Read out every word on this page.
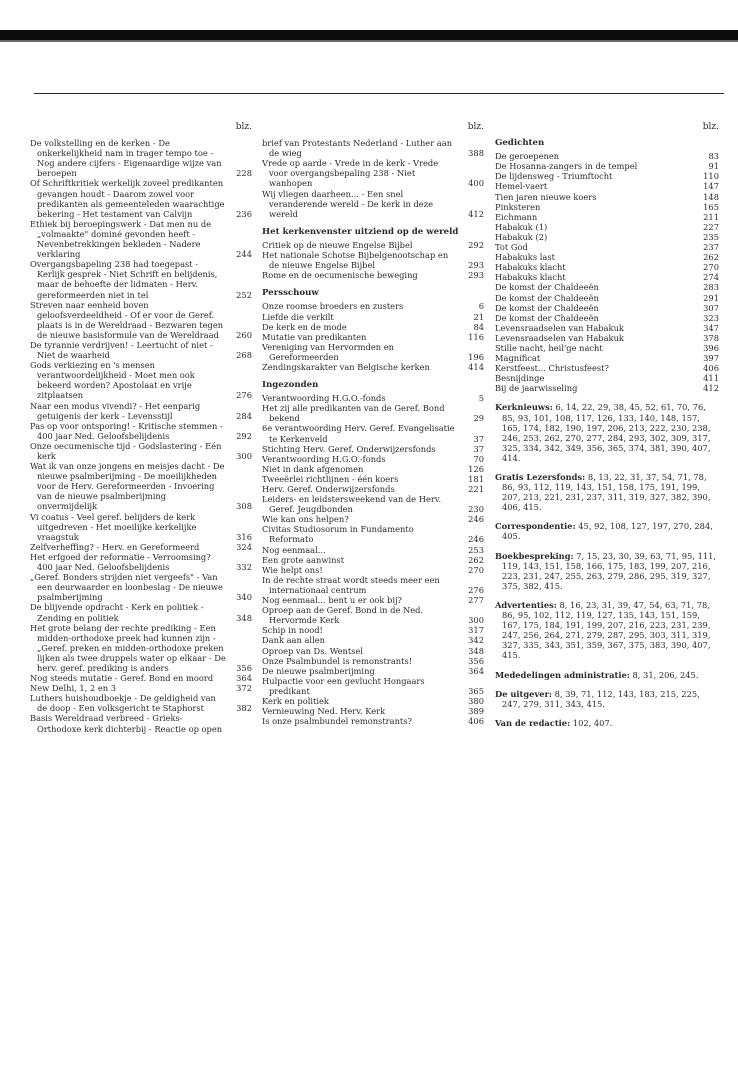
blz.
De volkstelling en de kerken - De onkerkelijkheid nam in trager tempo toe - Nog andere cijfers - Eigenaardige wijze van beroepen	228
Of Schriftkritiek werkelijk zoveel predikanten gevangen houdt - Daarom zowel voor predikanten als gemeenteleden waarachtige bekering - Het testament van Calvijn	236
Ethiek bij beroepingswerk - Dat men nu de „volmaakte" dominé gevonden heeft - Nevenbetrekkingen bekleden - Nadere verklaring	244
Overgangsbapeling 238 had toegepast - Kerlijk gesprek - Niet Schrift en belijdenis, maar de behoefte der lidmaten - Herv. gereformeerden niet in tel	252
Streven naar eenheid boven geloofsverdeeldheid - Of er voor de Geref. plaats is in de Wereldraad - Bezwaren tegen de nieuwe basisformule van de Wereldraad 260
De tyrannie verdrijven! - Leertucht of niet - Niet de waarheid	268
Gods verkiezing en 's mensen verantwoordelijkheid - Moet men ook bekeerd worden? Apostolaat en vrije zitplaatsen	276
Naar een modus vivendi? - Het eenparig getuigenis der kerk - Levensstijl	284
Pas op voor ontsporing! - Kritische stemmen - 400 jaar Ned. Geloofsbelijdenis	292
Onze oecumenische tijd - Godslastering - Eén kerk	300
Wat ik van onze jongens en meisjes dacht - De nieuwe psalmberijming - De moeilijkheden voor de Herv. Gereformeerden - Invoering van de nieuwe psalmberijming onvermijdelijk	308
Vi coatus - Veel geref. belijders de kerk uitgedreven - Het moeilijke kerkelijke vraagstuk	316
Zelfverheffing? - Herv. en Gereformeerd	324
Het erfgoed der reformatie - Verroomsing? 400 jaar Ned. Geloofsbelijdenis	332
„Geref. Bonders strijden niet vergeefs" - Van een deurwaarder en loonbeslag - De nieuwe psalmberijming	340
De blijvende opdracht - Kerk en politiek - Zending en politiek	348
Het grote belang der rechte prediking - Een midden-orthodoxe preek had kunnen zijn - „Geref. preken en midden-orthodoxe preken lijken als twee druppels water op elkaar - De herv. geref. prediking is anders	356
Nog steeds mutatie - Geref. Bond en moord	364
New Delhi, 1, 2 en 3	372
Luthers huishoudboekje - De geldigheid van de doop - Een volksgericht te Staphorst	382
Basis Wereldraad verbreed - Grieks-Orthodoxe kerk dichterbij - Reactie op open
blz.
brief van Protestants Nederland - Luther aan de wieg	388
Vrede op aarde - Vrede in de kerk - Vrede voor overgangsbepaling 238 - Niet wanhopen	400
Wij vliegen daarheen... - Een snel veranderende wereld - De kerk in deze wereld	412
Het kerkenvenster uitziend op de wereld
Critiek op de nieuwe Engelse Bijbel	292
Het nationale Schotse Bijbelgenootschap en de nieuwe Engelse Bijbel	293
Rome en de oecumenische beweging	293
Persschouw
Onze roomse broeders en zusters	6
Liefde die verkilt	21
De kerk en de mode	84
Mutatie van predikanten	116
Vereniging van Hervormden en Gereformeerden	196
Zendingskarakter van Belgische kerken	414
Ingezonden
Verantwoording H.G.O.-fonds	5
Het zij alle predikanten van de Geref. Bond bekend	29
6e verantwoording Herv. Geref. Evangelisatie te Kerkenveld	37
Stichting Herv. Geref. Onderwijzersfonds	37
Verantwoording H.G.O.-fonds	70
Niet in dank afgenomen	126
Tweeërlei richtlijnen - één koers	181
Herv. Geref. Onderwijzersfonds	221
Leiders- en leidstersweekend van de Herv. Geref. Jeugdbonden	230
Wie kan ons helpen?	246
Civitas Studiosorum in Fundamento Reformato	246
Nog eenmaal...	253
Een grote aanwinst	262
Wie helpt ons!	270
In de rechte straat wordt steeds meer een internationaal centrum	276
Nog eenmaal... bent u er ook bij?	277
Oproep aan de Geref. Bond in de Ned. Hervormde Kerk	300
Schip in nood!	317
Dank aan allen	342
Oproep van Ds. Wentsel	348
Onze Psalmbundel is remonstrants!	356
De nieuwe psalmberijming	364
Hulpactie voor een gevlucht Hongaars predikant	365
Kerk en politiek	380
Vernieuwing Ned. Herv. Kerk	389
Is onze psalmbundel remonstrants?	406
blz.
Gedichten
De geroepenen	83
De Hosanna-zangers in de tempel	91
De lijdensweg - Triumftocht	110
Hemel-vaert	147
Tien jaren nieuwe koers	148
Pinksteren	165
Eichmann	211
Habakuk (1)	227
Habakuk (2)	235
Tot God	237
Habakuks last	262
Habakuks klacht	270
Habakuks klacht	274
De komst der Chaldeeën	283
De komst der Chaldeeën	291
De komst der Chaldeeën	307
De komst der Chaldeeën	323
Levensraadselen van Habakuk	347
Levensraadselen van Habakuk	378
Stille nacht, heil'ge nacht	396
Magnificat	397
Kerstfeest... Christusfeest?	406
Besnijdinge	411
Bij de jaarwisseling	412
Kerknieuws: 6, 14, 22, 29, 38, 45, 52, 61, 70, 76, 85, 93, 101, 108, 117, 126, 133, 140, 148, 157, 165, 174, 182, 190, 197, 206, 213, 222, 230, 238, 246, 253, 262, 270, 277, 284, 293, 302, 309, 317, 325, 334, 342, 349, 356, 365, 374, 381, 390, 407, 414.
Gratis Lezersfonds: 8, 13, 22, 31, 37, 54, 71, 78, 86, 93, 112, 119, 143, 151, 158, 175, 191, 199, 207, 213, 221, 231, 237, 311, 319, 327, 382, 390, 406, 415.
Correspondentie: 45, 92, 108, 127, 197, 270, 284, 405.
Boekbespreking: 7, 15, 23, 30, 39, 63, 71, 95, 111, 119, 143, 151, 158, 166, 175, 183, 199, 207, 216, 223, 231, 247, 255, 263, 279, 286, 295, 319, 327, 375, 382, 415.
Advertenties: 8, 16, 23, 31, 39, 47, 54, 63, 71, 78, 86, 95, 102, 112, 119, 127, 135, 143, 151, 159, 167, 175, 184, 191, 199, 207, 216, 223, 231, 239, 247, 256, 264, 271, 279, 287, 295, 303, 311, 319, 327, 335, 343, 351, 359, 367, 375, 383, 390, 407, 415.
Mededelingen administratie: 8, 31, 206, 245.
De uitgever: 8, 39, 71, 112, 143, 183, 215, 225, 247, 279, 311, 343, 415.
Van de redactie: 102, 407.
